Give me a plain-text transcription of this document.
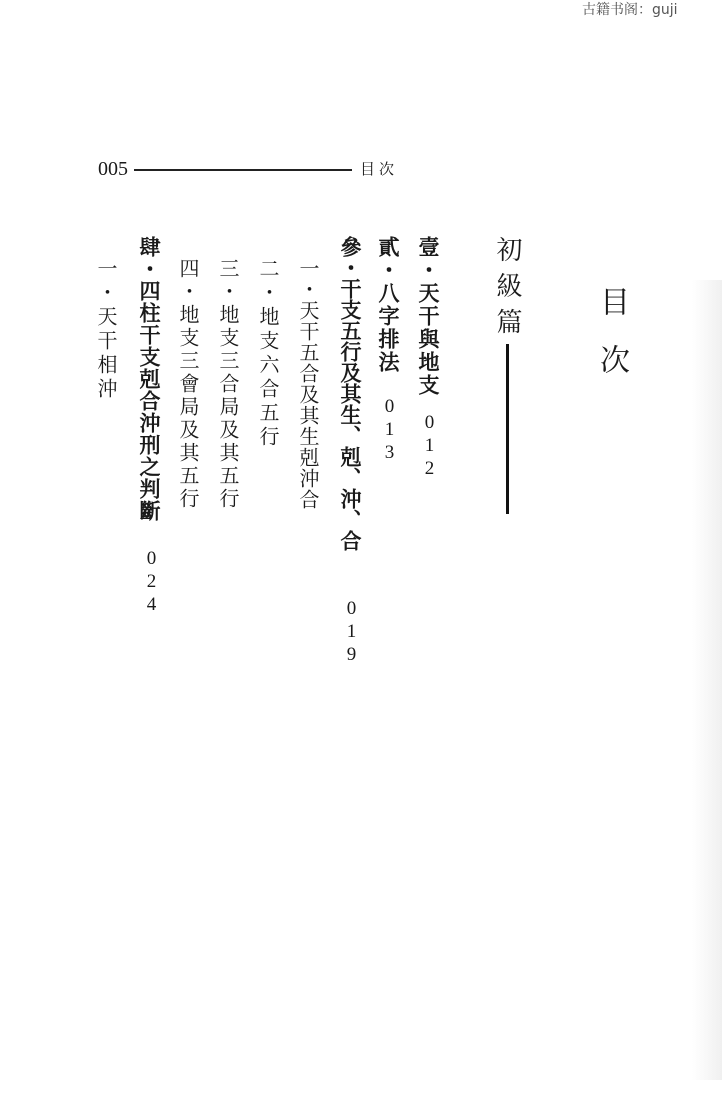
古籍书阁：guji
005	目次
目次
初級篇
壹・天干與地支
012
貳・八字排法
013
參・干支五行及其生、剋、沖、合
019
一・天干五合及其生剋沖合
二・地支六合五行
三・地支三合局及其五行
四・地支三會局及其五行
肆・四柱干支剋合沖刑之判斷
024
一・天干相沖
